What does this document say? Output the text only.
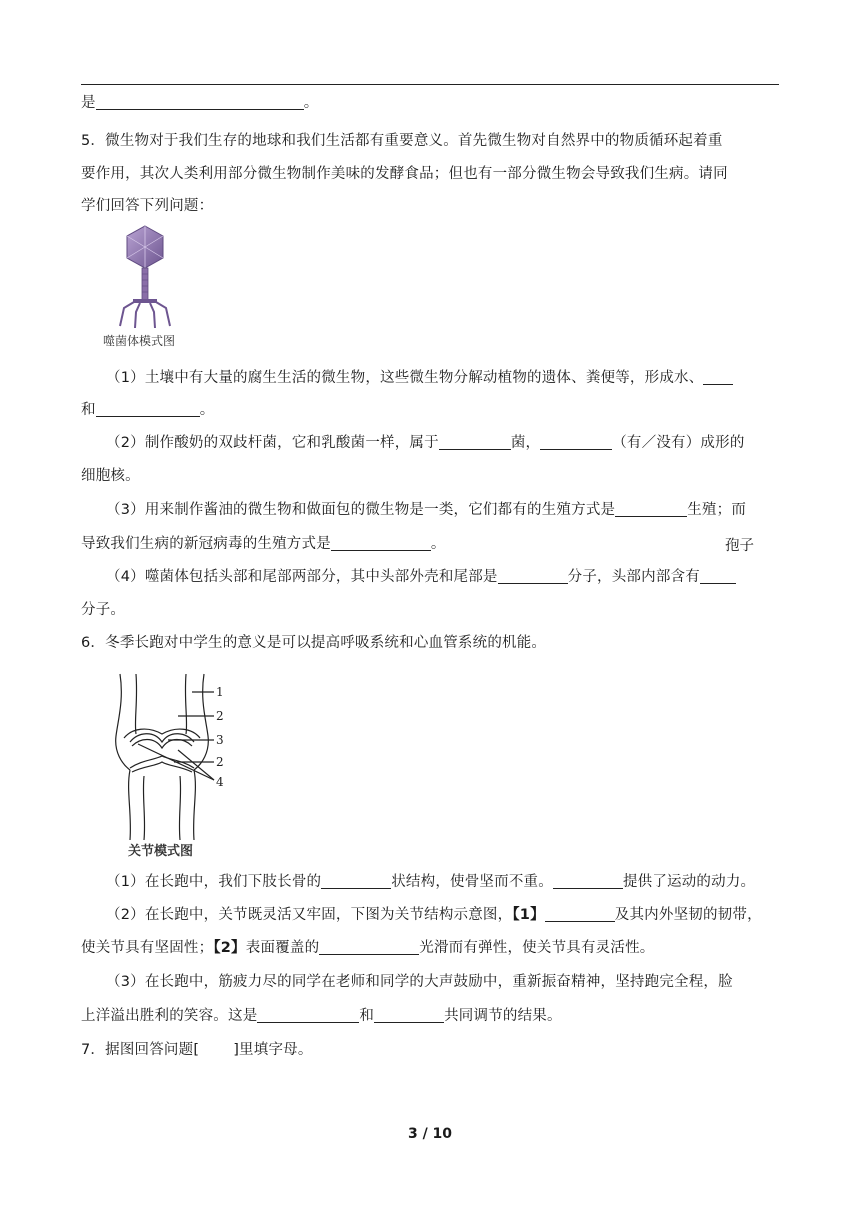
是	。
5．微生物对于我们生存的地球和我们生活都有重要意义。首先微生物对自然界中的物质循环起着重
要作用，其次人类利用部分微生物制作美味的发酵食品；但也有一部分微生物会导致我们生病。请同
学们回答下列问题：
噬菌体模式图
（1）土壤中有大量的腐生生活的微生物，这些微生物分解动植物的遗体、粪便等，形成水、
和	。
（2）制作酸奶的双歧杆菌，它和乳酸菌一样，属于	菌，	（有／没有）成形的
细胞核。
（3）用来制作酱油的微生物和做面包的微生物是一类，它们都有的生殖方式是	生殖；而
导致我们生病的新冠病毒的生殖方式是	。	孢子
（4）噬菌体包括头部和尾部两部分，其中头部外壳和尾部是	分子，头部内部含有
分子。
6．冬季长跑对中学生的意义是可以提高呼吸系统和心血管系统的机能。
1
2
3
2
4
关节模式图
（1）在长跑中，我们下肢长骨的	状结构，使骨坚而不重。	提供了运动的动力。
（2）在长跑中，关节既灵活又牢固，下图为关节结构示意图，【1】	及其内外坚韧的韧带，
使关节具有坚固性；【2】表面覆盖的	光滑而有弹性，使关节具有灵活性。
（3）在长跑中，筋疲力尽的同学在老师和同学的大声鼓励中，重新振奋精神，坚持跑完全程，脸
上洋溢出胜利的笑容。这是	和	共同调节的结果。
7．据图回答问题[ ]里填字母。
3 / 10
